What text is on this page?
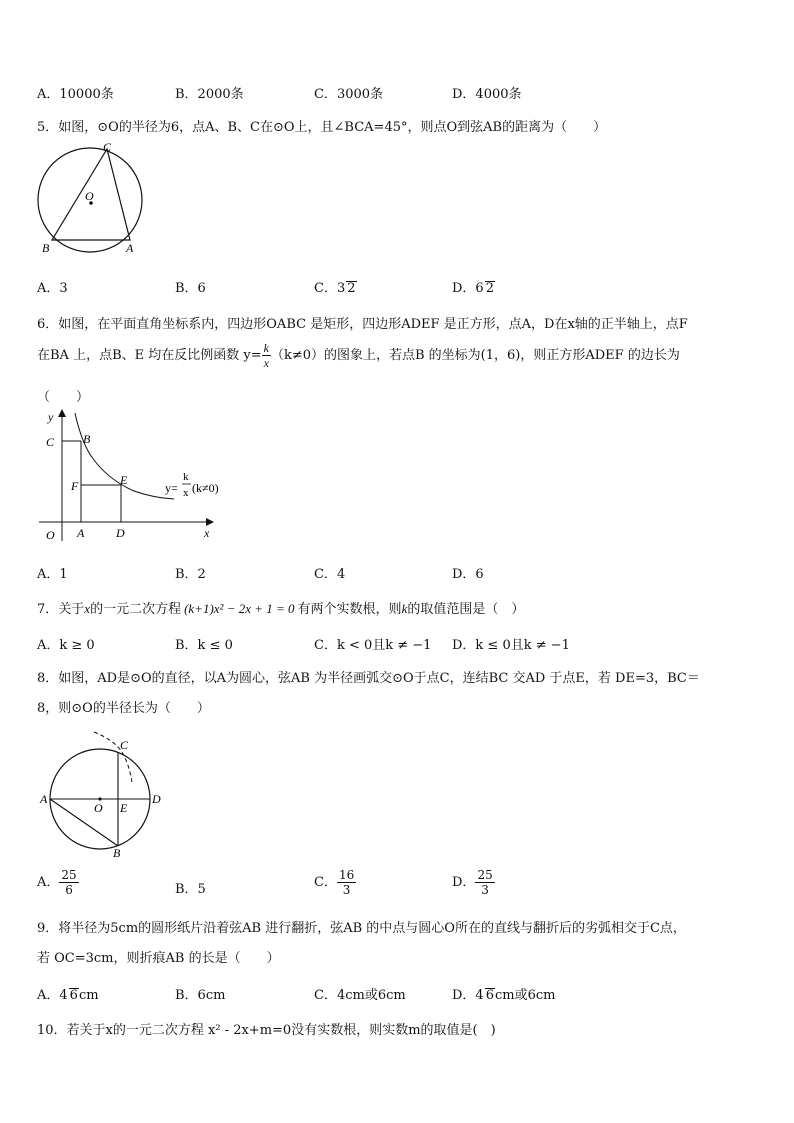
A．10000条	B．2000条	C．3000条	D．4000条
5．如图，⊙O的半径为6，点A、B、C在⊙O上，且∠BCA=45°，则点O到弦AB的距离为（　　）
C
O
B	A
A．3	B．6	C．3 2	D．6 2
6．如图，在平面直角坐标系内，四边形OABC 是矩形，四边形ADEF 是正方形，点A，D在x轴的正半轴上，点F
在BA 上，点B、E 均在反比例函数 $y= \frac{k}{x} (k\ne 0)$的图象上，若点B 的坐标为(1，6)，则正方形ADEF 的边长为
（　　）
y
x
O A	D
C B
F	E
y=
k
x (k≠0)
A．1	B．2	C．4	D．6
7．关于x的一元二次方程 (k+1)x² − 2x + 1 = 0 有两个实数根，则k的取值范围是（　）
A．k ≥ 0	B．k ≤ 0	C．k < 0且k ≠ −1 D．k ≤ 0且k ≠ −1
8．如图，AD是⊙O的直径，以A为圆心，弦AB 为半径画弧交⊙O于点C，连结BC 交AD 于点E，若 DE=3，BC＝
8，则⊙O的半径长为（　　）
C
A
O E
D
B
A． $\frac{25}{6}$	B．5	C． $\frac{16}{3}$	D． $\frac{25}{3}$
9．将半径为5cm的圆形纸片沿着弦AB 进行翻折，弦AB 的中点与圆心O所在的直线与翻折后的劣弧相交于C点，
若 OC=3cm，则折痕AB 的长是（　　）
A．4 6cm	B．6cm	C．4cm或6cm	D．4 6cm或6cm
10．若关于x的一元二次方程 x² - 2x+m=0没有实数根，则实数m的取值是(　)
